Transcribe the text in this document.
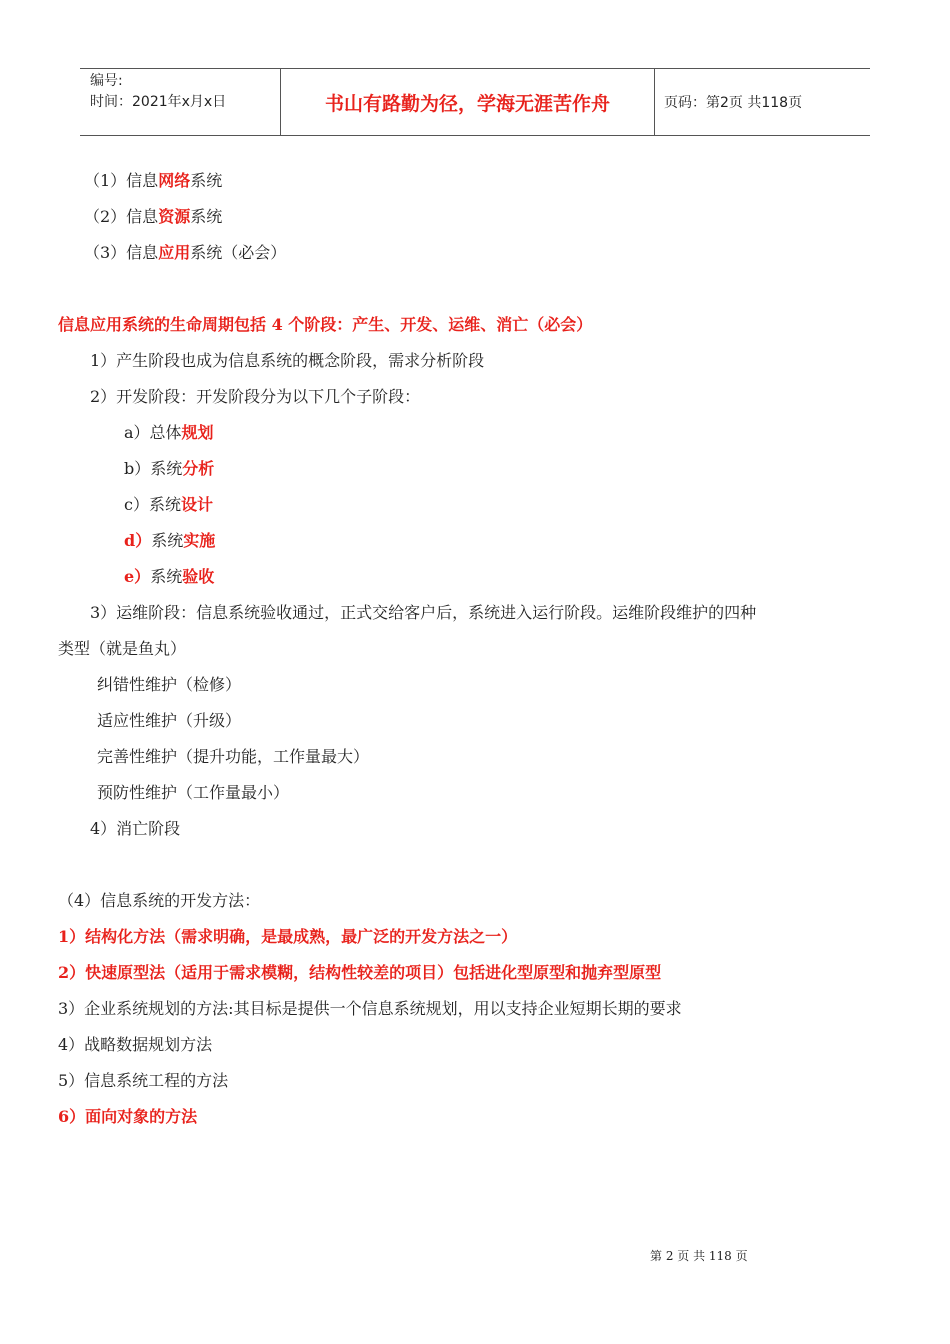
编号:
时间：2021年x月x日	书山有路勤为径，学海无涯苦作舟	页码：第2页 共118页
（1）信息网络系统
（2）信息资源系统
（3）信息应用系统（必会）
信息应用系统的生命周期包括 4 个阶段：产生、开发、运维、消亡（必会）
1）产生阶段也成为信息系统的概念阶段，需求分析阶段
2）开发阶段：开发阶段分为以下几个子阶段：
a）总体规划
b）系统分析
c）系统设计
d）系统实施
e）系统验收
3）运维阶段：信息系统验收通过，正式交给客户后，系统进入运行阶段。运维阶段维护的四种
类型（就是鱼丸）
纠错性维护（检修）
适应性维护（升级）
完善性维护（提升功能，工作量最大）
预防性维护（工作量最小）
4）消亡阶段
（4）信息系统的开发方法：
1）结构化方法（需求明确，是最成熟，最广泛的开发方法之一）
2）快速原型法（适用于需求模糊，结构性较差的项目）包括进化型原型和抛弃型原型
3）企业系统规划的方法:其目标是提供一个信息系统规划，用以支持企业短期长期的要求
4）战略数据规划方法
5）信息系统工程的方法
6）面向对象的方法
第 2 页 共 118 页
